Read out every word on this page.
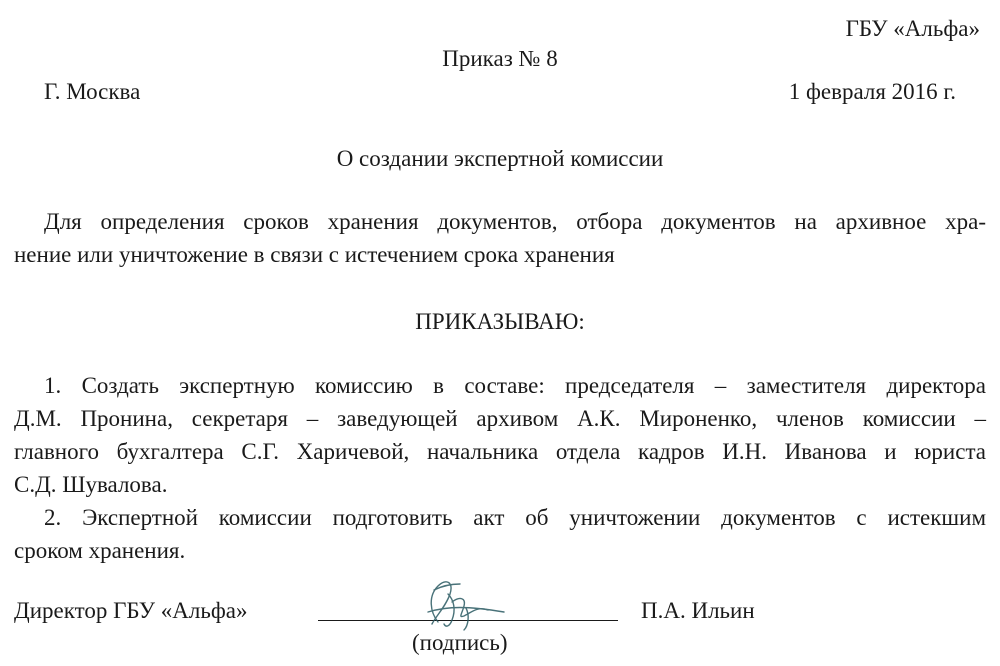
ГБУ «Альфа»
Приказ № 8
Г. Москва	1 февраля 2016 г.
О создании экспертной комиссии
Для определения сроков хранения документов, отбора документов на архивное хра-
нение или уничтожение в связи с истечением срока хранения
ПРИКАЗЫВАЮ:
1. Создать экспертную комиссию в составе: председателя – заместителя директора
Д.М. Пронина, секретаря – заведующей архивом А.К. Мироненко, членов комиссии –
главного бухгалтера С.Г. Харичевой, начальника отдела кадров И.Н. Иванова и юриста
С.Д. Шувалова.
2. Экспертной комиссии подготовить акт об уничтожении документов с истекшим
сроком хранения.
Директор ГБУ «Альфа»
(подпись)
П.А. Ильин
